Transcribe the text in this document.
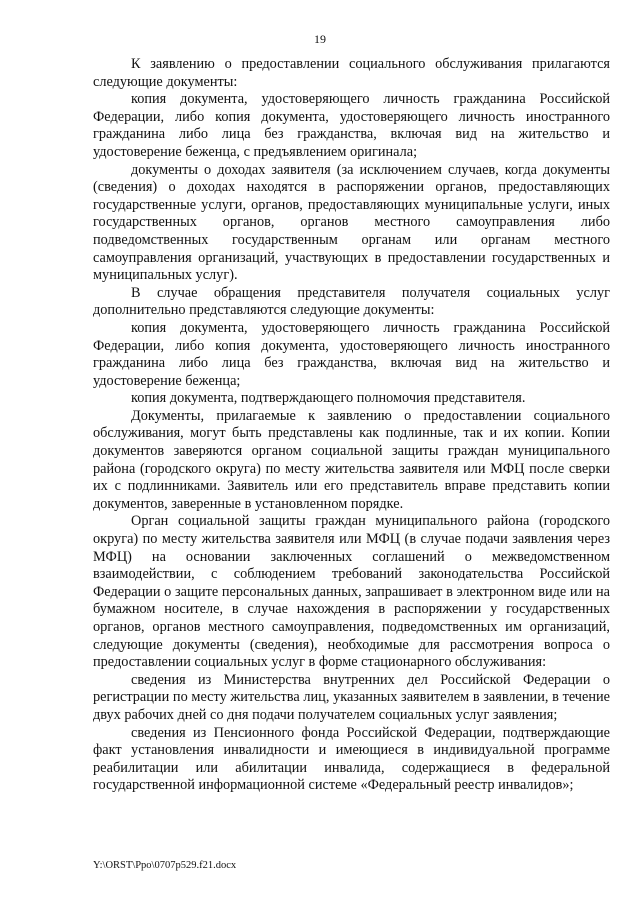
19

К заявлению о предоставлении социального обслуживания прилагаются следующие документы:

копия документа, удостоверяющего личность гражданина Российской Федерации, либо копия документа, удостоверяющего личность иностранного гражданина либо лица без гражданства, включая вид на жительство и удостоверение беженца, с предъявлением оригинала;

документы о доходах заявителя (за исключением случаев, когда документы (сведения) о доходах находятся в распоряжении органов, предоставляющих государственные услуги, органов, предоставляющих муниципальные услуги, иных государственных органов, органов местного самоуправления либо подведомственных государственным органам или органам местного самоуправления организаций, участвующих в предоставлении государственных и муниципальных услуг).

В случае обращения представителя получателя социальных услуг дополнительно представляются следующие документы:

копия документа, удостоверяющего личность гражданина Российской Федерации, либо копия документа, удостоверяющего личность иностранного гражданина либо лица без гражданства, включая вид на жительство и удостоверение беженца;

копия документа, подтверждающего полномочия представителя.

Документы, прилагаемые к заявлению о предоставлении социального обслуживания, могут быть представлены как подлинные, так и их копии. Копии документов заверяются органом социальной защиты граждан муниципального района (городского округа) по месту жительства заявителя или МФЦ после сверки их с подлинниками. Заявитель или его представитель вправе представить копии документов, заверенные в установленном порядке.

Орган социальной защиты граждан муниципального района (городского округа) по месту жительства заявителя или МФЦ (в случае подачи заявления через МФЦ) на основании заключенных соглашений о межведомственном взаимодействии, с соблюдением требований законодательства Российской Федерации о защите персональных данных, запрашивает в электронном виде или на бумажном носителе, в случае нахождения в распоряжении у государственных органов, органов местного самоуправления, подведомственных им организаций, следующие документы (сведения), необходимые для рассмотрения вопроса о предоставлении социальных услуг в форме стационарного обслуживания:

сведения из Министерства внутренних дел Российской Федерации о регистрации по месту жительства лиц, указанных заявителем в заявлении, в течение двух рабочих дней со дня подачи получателем социальных услуг заявления;

сведения из Пенсионного фонда Российской Федерации, подтверждающие факт установления инвалидности и имеющиеся в индивидуальной программе реабилитации или абилитации инвалида, содержащиеся в федеральной государственной информационной системе «Федеральный реестр инвалидов»;

Y:\ORST\Ppo\0707p529.f21.docx
